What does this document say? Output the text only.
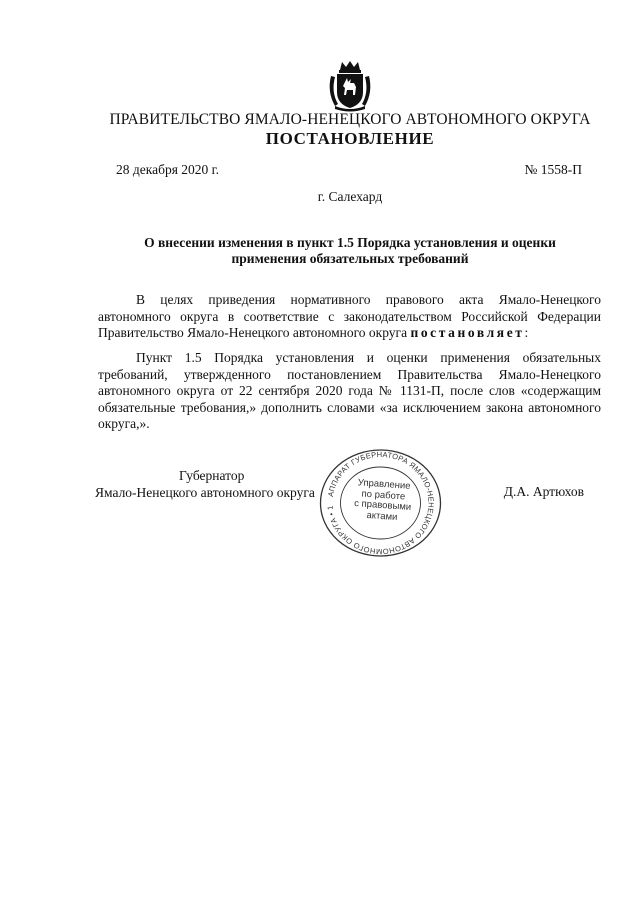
ПРАВИТЕЛЬСТВО ЯМАЛО-НЕНЕЦКОГО АВТОНОМНОГО ОКРУГА
ПОСТАНОВЛЕНИЕ
28 декабря 2020 г.	№ 1558-П
г. Салехард
О внесении изменения в пункт 1.5 Порядка установления и оценки применения обязательных требований

В целях приведения нормативного правового акта Ямало-Ненецкого автономного округа в соответствие с законодательством Российской Федерации Правительство Ямало-Ненецкого автономного округа постановляет:

Пункт 1.5 Порядка установления и оценки применения обязательных требований, утвержденного постановлением Правительства Ямало-Ненецкого автономного округа от 22 сентября 2020 года № 1131-П, после слов «содержащим обязательные требования,» дополнить словами «за исключением закона автономного округа,».

Губернатор
Ямало-Ненецкого автономного округа	АППАРАТ ГУБЕРНАТОРА ЯМАЛО-НЕНЕЦКОГО АВТОНОМНОГО ОКРУГА • 1
Управление
по работе
с правовыми
актами
Д.А. Артюхов
